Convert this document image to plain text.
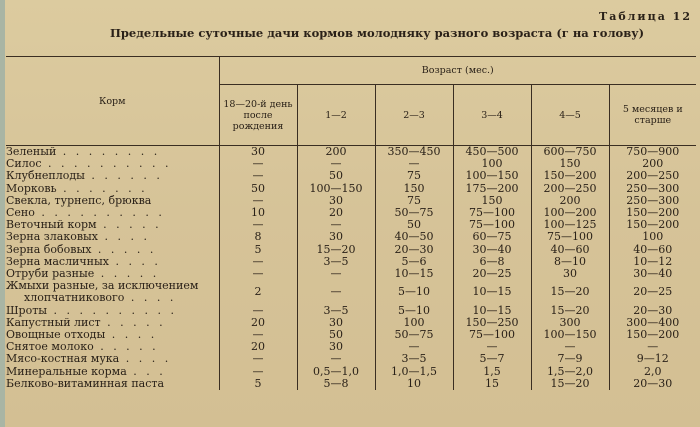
Таблица 12
Предельные суточные дачи кормов молодняку разного возраста (г на голову)
Корм	Возраст (мес.)					
	18—20-й день после рождения	1—2	2—3	3—4	4—5	5 месяцев и старше
Зеленый . . . . . . . .	30	200	350—450	450—500	600—750	750—900
Силос . . . . . . . . . .	—	—	—	100	150	200
Клубнеплоды . . . . . .	—	50	75	100—150	150—200	200—250
Морковь . . . . . . .	50	100—150	150	175—200	200—250	250—300
Свекла, турнепс, брюква	—	30	75	150	200	250—300
Сено . . . . . . . . . .	10	20	50—75	75—100	100—200	150—200
Веточный корм . . . . .	—	—	50	75—100	100—125	150—200
Зерна злаковых . . . .	8	30	40—50	60—75	75—100	100
Зерна бобовых . . . . .	5	15—20	20—30	30—40	40—60	40—60
Зерна масличных . . . .	—	3—5	5—6	6—8	8—10	10—12
Отруби разные . . . . .	—	—	10—15	20—25	30	30—40
Жмыхи разные, за исключением
хлопчатникового . . . .	2	—	5—10	10—15	15—20	20—25
Шроты . . . . . . . . . .	—	3—5	5—10	10—15	15—20	20—30
Капустный лист . . . . .	20	30	100	150—250	300	300—400
Овощные отходы . . . .	—	50	50—75	75—100	100—150	150—200
Снятое молоко . . . . .	20	30	—	—	—	—
Мясо-костная мука . . . .	—	—	3—5	5—7	7—9	9—12
Минеральные корма . . .	—	0,5—1,0	1,0—1,5	1,5	1,5—2,0	2,0
Белково-витаминная паста	5	5—8	10	15	15—20	20—30
